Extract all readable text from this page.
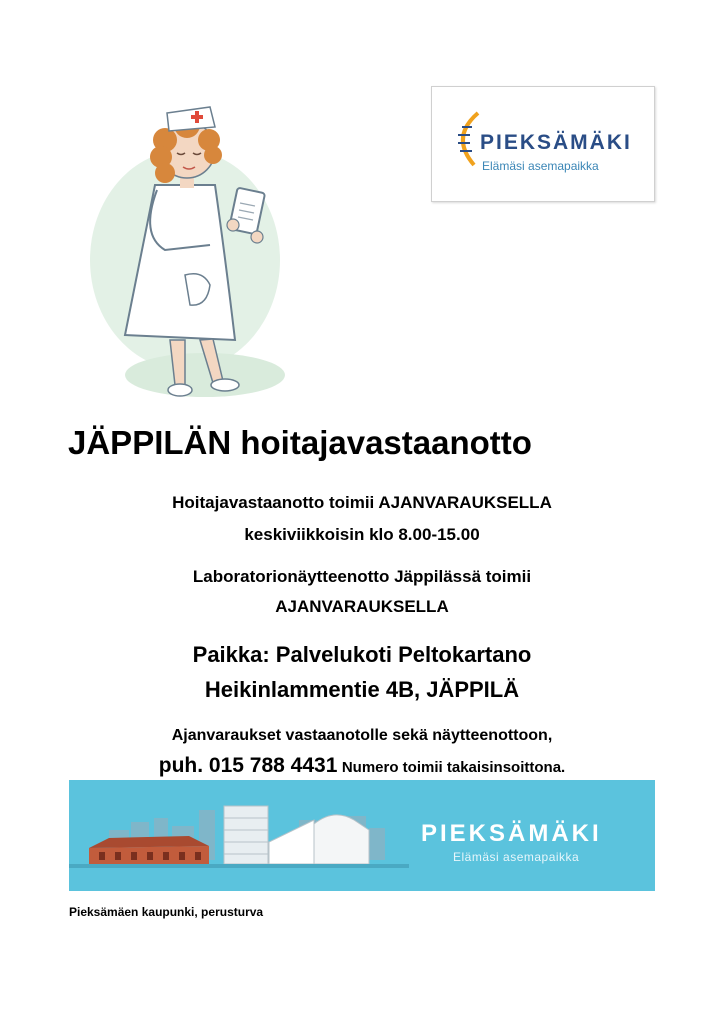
PIEKSÄMÄKI
Elämäsi asemapaikka
JÄPPILÄN hoitajavastaanotto
Hoitajavastaanotto toimii AJANVARAUKSELLA
keskiviikkoisin klo 8.00-15.00
Laboratorionäytteenotto Jäppilässä toimii
AJANVARAUKSELLA
Paikka: Palvelukoti Peltokartano
Heikinlammentie 4B, JÄPPILÄ
Ajanvaraukset vastaanotolle sekä näytteenottoon,
puh. 015 788 4431 Numero toimii takaisinsoittona.
PIEKSÄMÄKI
Elämäsi asemapaikka
Pieksämäen kaupunki, perusturva
